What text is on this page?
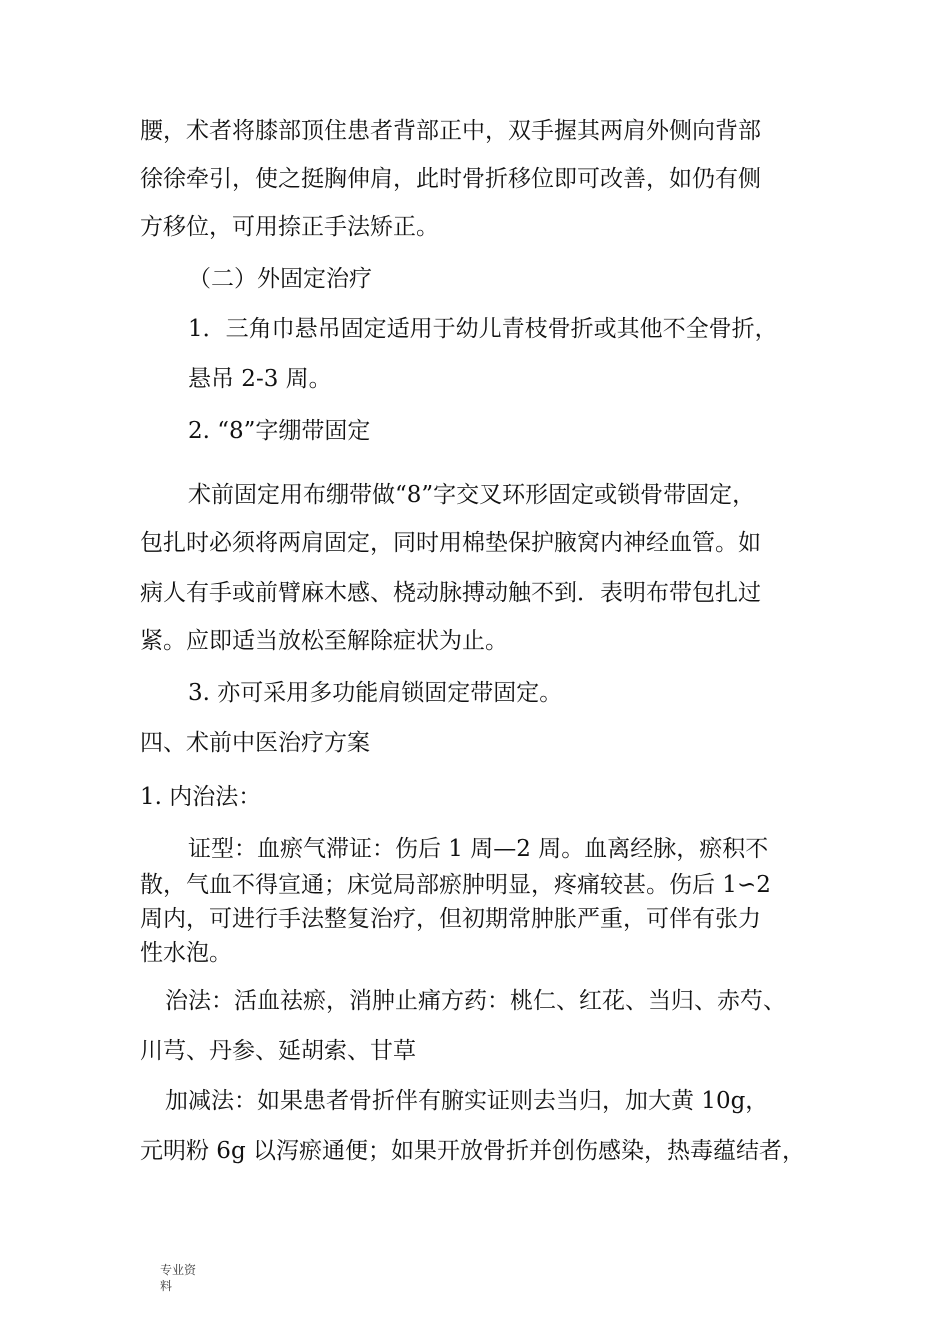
腰，术者将膝部顶住患者背部正中，双手握其两肩外侧向背部

徐徐牵引，使之挺胸伸肩，此时骨折移位即可改善，如仍有侧

方移位，可用捺正手法矫正。

（二）外固定治疗

1．三角巾悬吊固定适用于幼儿青枝骨折或其他不全骨折，

悬吊 2-3 周。

2. “8”字绷带固定

术前固定用布绷带做“8”字交叉环形固定或锁骨带固定，

包扎时必须将两肩固定，同时用棉垫保护腋窝内神经血管。如

病人有手或前臂麻木感、桡动脉搏动触不到．表明布带包扎过

紧。应即适当放松至解除症状为止。

3. 亦可采用多功能肩锁固定带固定。

四、术前中医治疗方案

1. 内治法：

证型：血瘀气滞证：伤后 1 周—2 周。血离经脉，瘀积不

散，气血不得宣通；床觉局部瘀肿明显，疼痛较甚。伤后 1∽2

周内，可进行手法整复治疗，但初期常肿胀严重，可伴有张力

性水泡。

治法：活血祛瘀，消肿止痛方药：桃仁、红花、当归、赤芍、

川芎、丹参、延胡索、甘草

加减法：如果患者骨折伴有腑实证则去当归，加大黄 10g，

元明粉 6g 以泻瘀通便；如果开放骨折并创伤感染，热毒蕴结者，

专业资
料
